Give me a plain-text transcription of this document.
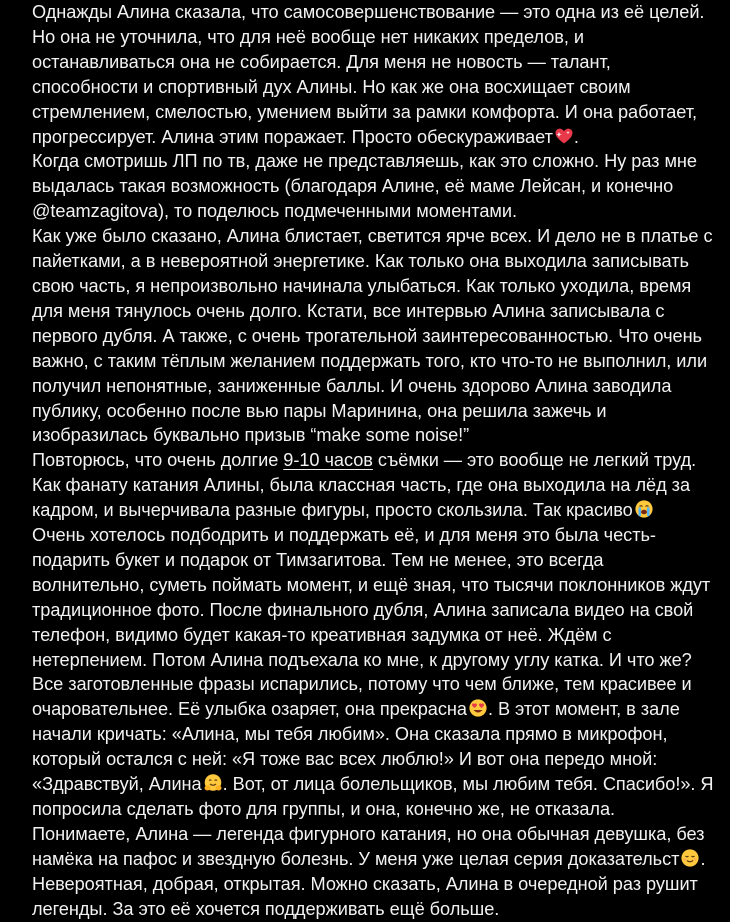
Однажды Алина сказала, что самосовершенствование — это одна из её целей.
Но она не уточнила, что для неё вообще нет никаких пределов, и
останавливаться она не собирается. Для меня не новость — талант,
способности и спортивный дух Алины. Но как же она восхищает своим
стремлением, смелостью, умением выйти за рамки комфорта. И она работает,
прогрессирует. Алина этим поражает. Просто обескураживает .

Когда смотришь ЛП по тв, даже не представляешь, как это сложно. Ну раз мне
выдалась такая возможность (благодаря Алине, её маме Лейсан, и конечно
@teamzagitova), то поделюсь подмеченными моментами.

Как уже было сказано, Алина блистает, светится ярче всех. И дело не в платье с
пайетками, а в невероятной энергетике. Как только она выходила записывать
свою часть, я непроизвольно начинала улыбаться. Как только уходила, время
для меня тянулось очень долго. Кстати, все интервью Алина записывала с
первого дубля. А также, с очень трогательной заинтересованностью. Что очень
важно, с таким тёплым желанием поддержать того, кто что-то не выполнил, или
получил непонятные, заниженные баллы. И очень здорово Алина заводила
публику, особенно после вью пары Маринина, она решила зажечь и
изобразилась буквально призыв “make some noise!”

Повторюсь, что очень долгие 9-10 часов съёмки — это вообще не легкий труд.
Как фанату катания Алины, была классная часть, где она выходила на лёд за
кадром, и вычерчивала разные фигуры, просто скользила. Так красиво

Очень хотелось подбодрить и поддержать её, и для меня это была честь-
подарить букет и подарок от Тимзагитова. Тем не менее, это всегда
волнительно, суметь поймать момент, и ещё зная, что тысячи поклонников ждут
традиционное фото. После финального дубля, Алина записала видео на свой
телефон, видимо будет какая-то креативная задумка от неё. Ждём с
нетерпением. Потом Алина подъехала ко мне, к другому углу катка. И что же?
Все заготовленные фразы испарились, потому что чем ближе, тем красивее и
очаровательнее. Её улыбка озаряет, она прекрасна . В этот момент, в зале
начали кричать: «Алина, мы тебя любим». Она сказала прямо в микрофон,
который остался с ней: «Я тоже вас всех люблю!» И вот она передо мной:
«Здравствуй, Алина . Вот, от лица болельщиков, мы любим тебя. Спасибо!». Я
попросила сделать фото для группы, и она, конечно же, не отказала.

Понимаете, Алина — легенда фигурного катания, но она обычная девушка, без
намёка на пафос и звездную болезнь. У меня уже целая серия доказательст .
Невероятная, добрая, открытая. Можно сказать, Алина в очередной раз рушит
легенды. За это её хочется поддерживать ещё больше.
